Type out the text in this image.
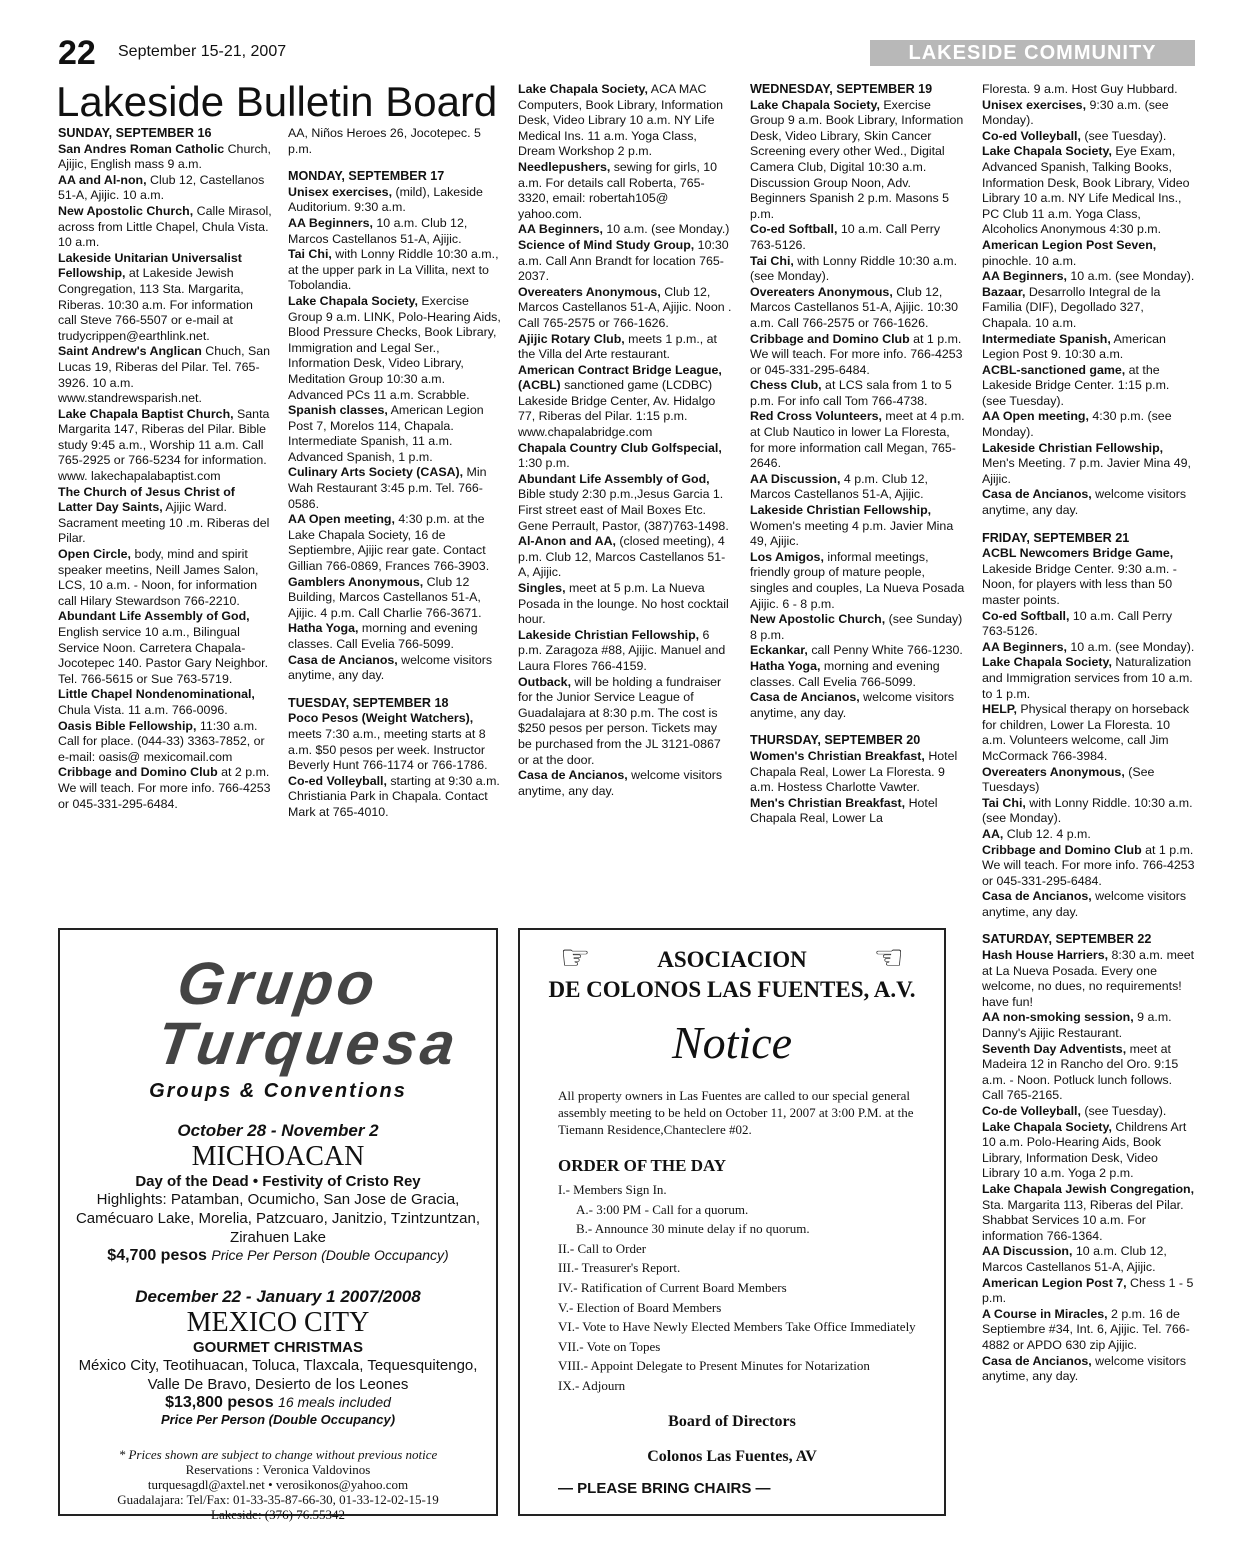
22 September 15-21, 2007	LAKESIDE COMMUNITY
Lakeside Bulletin Board
SUNDAY, SEPTEMBER 16

San Andres Roman Catholic Church, Ajijic, English mass 9 a.m.

AA and Al-non, Club 12, Castellanos 51-A, Ajijic. 10 a.m.

New Apostolic Church, Calle Mirasol, across from Little Chapel, Chula Vista. 10 a.m.

Lakeside Unitarian Universalist Fellowship, at Lakeside Jewish Congregation, 113 Sta. Margarita, Riberas. 10:30 a.m. For information call Steve 766-5507 or e-mail at trudycrippen@earthlink.net.

Saint Andrew's Anglican Chuch, San Lucas 19, Riberas del Pilar. Tel. 765-3926. 10 a.m. www.standrewsparish.net.

Lake Chapala Baptist Church, Santa Margarita 147, Riberas del Pilar. Bible study 9:45 a.m., Worship 11 a.m. Call 765-2925 or 766-5234 for information. www. lakechapalabaptist.com

The Church of Jesus Christ of Latter Day Saints, Ajijic Ward. Sacrament meeting 10 .m. Riberas del Pilar.

Open Circle, body, mind and spirit speaker meetins, Neill James Salon, LCS, 10 a.m. - Noon, for information call Hilary Stewardson 766-2210.

Abundant Life Assembly of God, English service 10 a.m., Bilingual Service Noon. Carretera Chapala-Jocotepec 140. Pastor Gary Neighbor. Tel. 766-5615 or Sue 763-5719.

Little Chapel Nondenominational, Chula Vista. 11 a.m. 766-0096.

Oasis Bible Fellowship, 11:30 a.m. Call for place. (044-33) 3363-7852, or e-mail: oasis@ mexicomail.com

Cribbage and Domino Club at 2 p.m. We will teach. For more info. 766-4253 or 045-331-295-6484.

AA, Niños Heroes 26, Jocotepec. 5 p.m.

MONDAY, SEPTEMBER 17

Unisex exercises, (mild), Lakeside Auditorium. 9:30 a.m.

AA Beginners, 10 a.m. Club 12, Marcos Castellanos 51-A, Ajijic.

Tai Chi, with Lonny Riddle 10:30 a.m., at the upper park in La Villita, next to Tobolandia.

Lake Chapala Society, Exercise Group 9 a.m. LINK, Polo-Hearing Aids, Blood Pressure Checks, Book Library, Immigration and Legal Ser., Information Desk, Video Library, Meditation Group 10:30 a.m. Advanced PCs 11 a.m. Scrabble.

Spanish classes, American Legion Post 7, Morelos 114, Chapala. Intermediate Spanish, 11 a.m. Advanced Spanish, 1 p.m.

Culinary Arts Society (CASA), Min Wah Restaurant 3:45 p.m. Tel. 766-0586.

AA Open meeting, 4:30 p.m. at the Lake Chapala Society, 16 de Septiembre, Ajijic rear gate. Contact Gillian 766-0869, Frances 766-3903.

Gamblers Anonymous, Club 12 Building, Marcos Castellanos 51-A, Ajijic. 4 p.m. Call Charlie 766-3671.

Hatha Yoga, morning and evening classes. Call Evelia 766-5099.

Casa de Ancianos, welcome visitors anytime, any day.

TUESDAY, SEPTEMBER 18

Poco Pesos (Weight Watchers), meets 7:30 a.m., meeting starts at 8 a.m. $50 pesos per week. Instructor Beverly Hunt 766-1174 or 766-1786.

Co-ed Volleyball, starting at 9:30 a.m. Christiania Park in Chapala. Contact Mark at 765-4010.

Lake Chapala Society, ACA MAC Computers, Book Library, Information Desk, Video Library 10 a.m. NY Life Medical Ins. 11 a.m. Yoga Class, Dream Workshop 2 p.m.

Needlepushers, sewing for girls, 10 a.m. For details call Roberta, 765-3320, email: robertah105@ yahoo.com.

AA Beginners, 10 a.m. (see Monday.)

Science of Mind Study Group, 10:30 a.m. Call Ann Brandt for location 765-2037.

Overeaters Anonymous, Club 12, Marcos Castellanos 51-A, Ajijic. Noon . Call 765-2575 or 766-1626.

Ajijic Rotary Club, meets 1 p.m., at the Villa del Arte restaurant.

American Contract Bridge League, (ACBL) sanctioned game (LCDBC) Lakeside Bridge Center, Av. Hidalgo 77, Riberas del Pilar. 1:15 p.m. www.chapalabridge.com

Chapala Country Club Golfspecial, 1:30 p.m.

Abundant Life Assembly of God, Bible study 2:30 p.m.,Jesus Garcia 1. First street east of Mail Boxes Etc. Gene Perrault, Pastor, (387)763-1498.

Al-Anon and AA, (closed meeting), 4 p.m. Club 12, Marcos Castellanos 51-A, Ajijic.

Singles, meet at 5 p.m. La Nueva Posada in the lounge. No host cocktail hour.

Lakeside Christian Fellowship, 6 p.m. Zaragoza #88, Ajijic. Manuel and Laura Flores 766-4159.

Outback, will be holding a fundraiser for the Junior Service League of Guadalajara at 8:30 p.m. The cost is $250 pesos per person. Tickets may be purchased from the JL 3121-0867 or at the door.

Casa de Ancianos, welcome visitors anytime, any day.

WEDNESDAY, SEPTEMBER 19

Lake Chapala Society, Exercise Group 9 a.m. Book Library, Information Desk, Video Library, Skin Cancer Screening every other Wed., Digital Camera Club, Digital 10:30 a.m. Discussion Group Noon, Adv. Beginners Spanish 2 p.m. Masons 5 p.m.

Co-ed Softball, 10 a.m. Call Perry 763-5126.

Tai Chi, with Lonny Riddle 10:30 a.m. (see Monday).

Overeaters Anonymous, Club 12, Marcos Castellanos 51-A, Ajijic. 10:30 a.m. Call 766-2575 or 766-1626.

Cribbage and Domino Club at 1 p.m. We will teach. For more info. 766-4253 or 045-331-295-6484.

Chess Club, at LCS sala from 1 to 5 p.m. For info call Tom 766-4738.

Red Cross Volunteers, meet at 4 p.m. at Club Nautico in lower La Floresta, for more information call Megan, 765-2646.

AA Discussion, 4 p.m. Club 12, Marcos Castellanos 51-A, Ajijic.

Lakeside Christian Fellowship, Women's meeting 4 p.m. Javier Mina 49, Ajijic.

Los Amigos, informal meetings, friendly group of mature people, singles and couples, La Nueva Posada Ajijic. 6 - 8 p.m.

New Apostolic Church, (see Sunday) 8 p.m.

Eckankar, call Penny White 766-1230.

Hatha Yoga, morning and evening classes. Call Evelia 766-5099.

Casa de Ancianos, welcome visitors anytime, any day.

THURSDAY, SEPTEMBER 20

Women's Christian Breakfast, Hotel Chapala Real, Lower La Floresta. 9 a.m. Hostess Charlotte Vawter.

Men's Christian Breakfast, Hotel Chapala Real, Lower La

Floresta. 9 a.m. Host Guy Hubbard.

Unisex exercises, 9:30 a.m. (see Monday).

Co-ed Volleyball, (see Tuesday).

Lake Chapala Society, Eye Exam, Advanced Spanish, Talking Books, Information Desk, Book Library, Video Library 10 a.m. NY Life Medical Ins., PC Club 11 a.m. Yoga Class, Alcoholics Anonymous 4:30 p.m.

American Legion Post Seven, pinochle. 10 a.m.

AA Beginners, 10 a.m. (see Monday).

Bazaar, Desarrollo Integral de la Familia (DIF), Degollado 327, Chapala. 10 a.m.

Intermediate Spanish, American Legion Post 9. 10:30 a.m.

ACBL-sanctioned game, at the Lakeside Bridge Center. 1:15 p.m. (see Tuesday).

AA Open meeting, 4:30 p.m. (see Monday).

Lakeside Christian Fellowship, Men's Meeting. 7 p.m. Javier Mina 49, Ajijic.

Casa de Ancianos, welcome visitors anytime, any day.

FRIDAY, SEPTEMBER 21

ACBL Newcomers Bridge Game, Lakeside Bridge Center. 9:30 a.m. - Noon, for players with less than 50 master points.

Co-ed Softball, 10 a.m. Call Perry 763-5126.

AA Beginners, 10 a.m. (see Monday).

Lake Chapala Society, Naturalization and Immigration services from 10 a.m. to 1 p.m.

HELP, Physical therapy on horseback for children, Lower La Floresta. 10 a.m. Volunteers welcome, call Jim McCormack 766-3984.

Overeaters Anonymous, (See Tuesdays)

Tai Chi, with Lonny Riddle. 10:30 a.m. (see Monday).

AA, Club 12. 4 p.m.

Cribbage and Domino Club at 1 p.m. We will teach. For more info. 766-4253 or 045-331-295-6484.

Casa de Ancianos, welcome visitors anytime, any day.

SATURDAY, SEPTEMBER 22

Hash House Harriers, 8:30 a.m. meet at La Nueva Posada. Every one welcome, no dues, no requirements! have fun!

AA non-smoking session, 9 a.m. Danny's Ajijic Restaurant.

Seventh Day Adventists, meet at Madeira 12 in Rancho del Oro. 9:15 a.m. - Noon. Potluck lunch follows. Call 765-2165.

Co-de Volleyball, (see Tuesday).

Lake Chapala Society, Childrens Art 10 a.m. Polo-Hearing Aids, Book Library, Information Desk, Video Library 10 a.m. Yoga 2 p.m.

Lake Chapala Jewish Congregation, Sta. Margarita 113, Riberas del Pilar. Shabbat Services 10 a.m. For information 766-1364.

AA Discussion, 10 a.m. Club 12, Marcos Castellanos 51-A, Ajijic.

American Legion Post 7, Chess 1 - 5 p.m.

A Course in Miracles, 2 p.m. 16 de Septiembre #34, Int. 6, Ajijic. Tel. 766-4882 or APDO 630 zip Ajijic.

Casa de Ancianos, welcome visitors anytime, any day.

Grupo
Turquesa
Groups & Conventions
October 28 - November 2
MICHOACAN
Day of the Dead • Festivity of Cristo Rey
Highlights: Patamban, Ocumicho, San Jose de Gracia, Camécuaro Lake, Morelia, Patzcuaro, Janitzio, Tzintzuntzan, Zirahuen Lake
$4,700 pesos Price Per Person (Double Occupancy)
December 22 - January 1 2007/2008
MEXICO CITY
GOURMET CHRISTMAS
México City, Teotihuacan, Toluca, Tlaxcala, Tequesquitengo, Valle De Bravo, Desierto de los Leones
$13,800 pesos 16 meals included
Price Per Person (Double Occupancy)
* Prices shown are subject to change without previous notice
Reservations : Veronica Valdovinos
turquesagdl@axtel.net • verosikonos@yahoo.com
Guadalajara: Tel/Fax: 01-33-35-87-66-30, 01-33-12-02-15-19
Lakeside: (376) 76.55342
☞	☜
ASOCIACION
DE COLONOS LAS FUENTES, A.V.
Notice
All property owners in Las Fuentes are called to our special general assembly meeting to be held on October 11, 2007 at 3:00 P.M. at the Tiemann Residence,Chanteclere #02.
ORDER OF THE DAY
I.- Members Sign In.
A.- 3:00 PM - Call for a quorum.
B.- Announce 30 minute delay if no quorum.
II.- Call to Order
III.- Treasurer's Report.
IV.- Ratification of Current Board Members
V.- Election of Board Members
VI.- Vote to Have Newly Elected Members Take Office Immediately
VII.- Vote on Topes
VIII.- Appoint Delegate to Present Minutes for Notarization
IX.- Adjourn
Board of Directors
Colonos Las Fuentes, AV
— PLEASE BRING CHAIRS —
